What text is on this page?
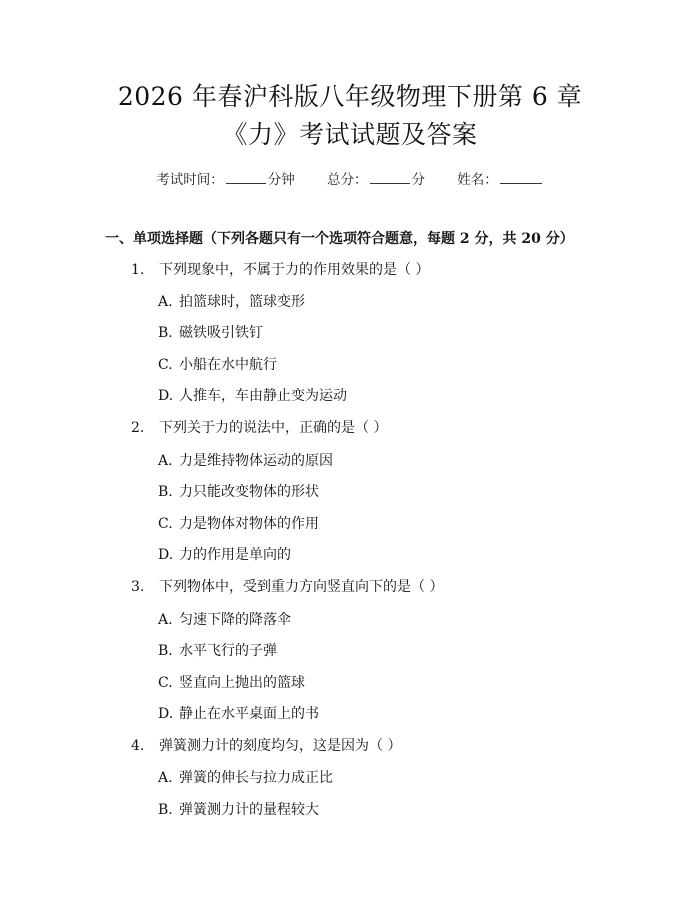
2026 年春沪科版八年级物理下册第 6 章
《力》考试试题及答案
考试时间：	分钟 总分：	分 姓名：
一、单项选择题（下列各题只有一个选项符合题意，每题 2 分，共 20 分）
1. 下列现象中，不属于力的作用效果的是（ ）
A. 拍篮球时，篮球变形
B. 磁铁吸引铁钉
C. 小船在水中航行
D. 人推车，车由静止变为运动
2. 下列关于力的说法中，正确的是（ ）
A. 力是维持物体运动的原因
B. 力只能改变物体的形状
C. 力是物体对物体的作用
D. 力的作用是单向的
3. 下列物体中，受到重力方向竖直向下的是（ ）
A. 匀速下降的降落伞
B. 水平飞行的子弹
C. 竖直向上抛出的篮球
D. 静止在水平桌面上的书
4. 弹簧测力计的刻度均匀，这是因为（ ）
A. 弹簧的伸长与拉力成正比
B. 弹簧测力计的量程较大
